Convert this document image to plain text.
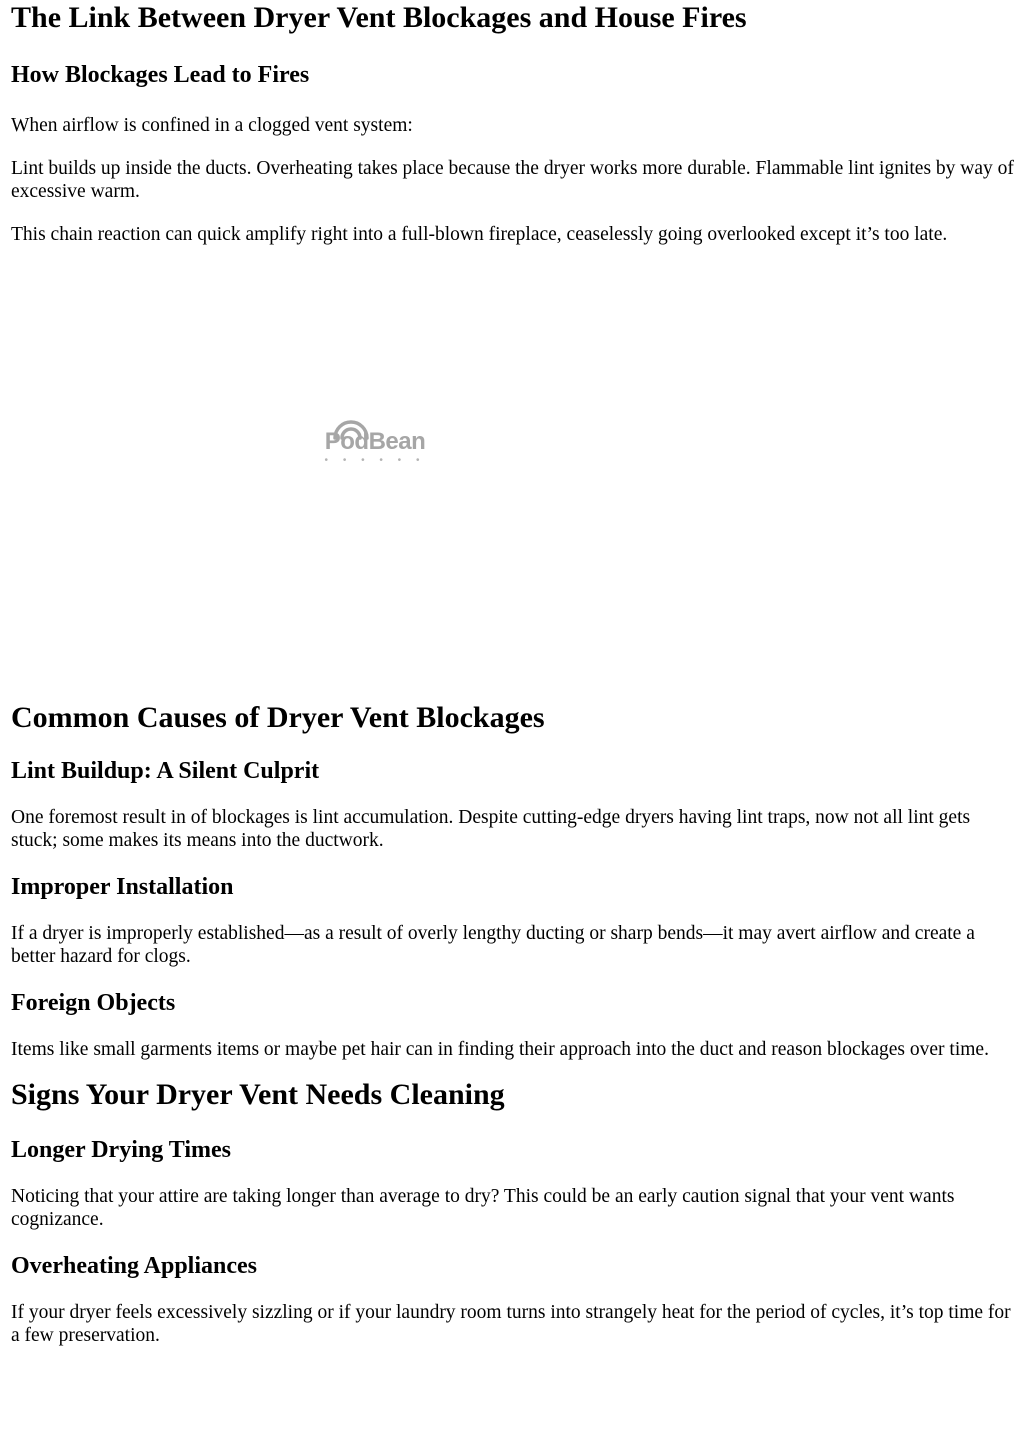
The Link Between Dryer Vent Blockages and House Fires
How Blockages Lead to Fires

When airflow is confined in a clogged vent system:

Lint builds up inside the ducts. Overheating takes place because the dryer works more durable. Flammable lint ignites by way of excessive warm.

This chain reaction can quick amplify right into a full-blown fireplace, ceaselessly going overlooked except it’s too late.

PodBean
• • • • • •
Common Causes of Dryer Vent Blockages
Lint Buildup: A Silent Culprit

One foremost result in of blockages is lint accumulation. Despite cutting-edge dryers having lint traps, now not all lint gets stuck; some makes its means into the ductwork.

Improper Installation

If a dryer is improperly established—as a result of overly lengthy ducting or sharp bends—it may avert airflow and create a better hazard for clogs.

Foreign Objects

Items like small garments items or maybe pet hair can in finding their approach into the duct and reason blockages over time.

Signs Your Dryer Vent Needs Cleaning
Longer Drying Times

Noticing that your attire are taking longer than average to dry? This could be an early caution signal that your vent wants cognizance.

Overheating Appliances

If your dryer feels excessively sizzling or if your laundry room turns into strangely heat for the period of cycles, it’s top time for a few preservation.
